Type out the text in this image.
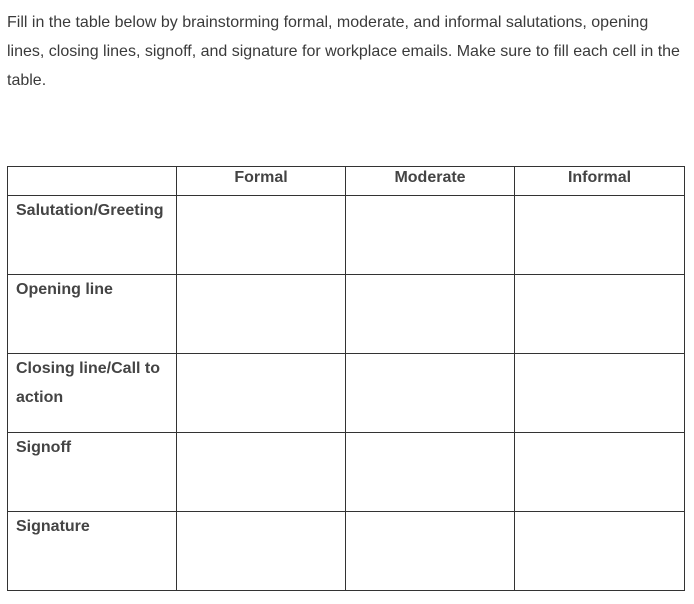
Fill in the table below by brainstorming formal, moderate, and informal salutations, opening lines, closing lines, signoff, and signature for workplace emails. Make sure to fill each cell in the table.

	Formal	Moderate	Informal

Salutation/Greeting			

Opening line			

Closing line/Call to action			

Signoff			

Signature			
